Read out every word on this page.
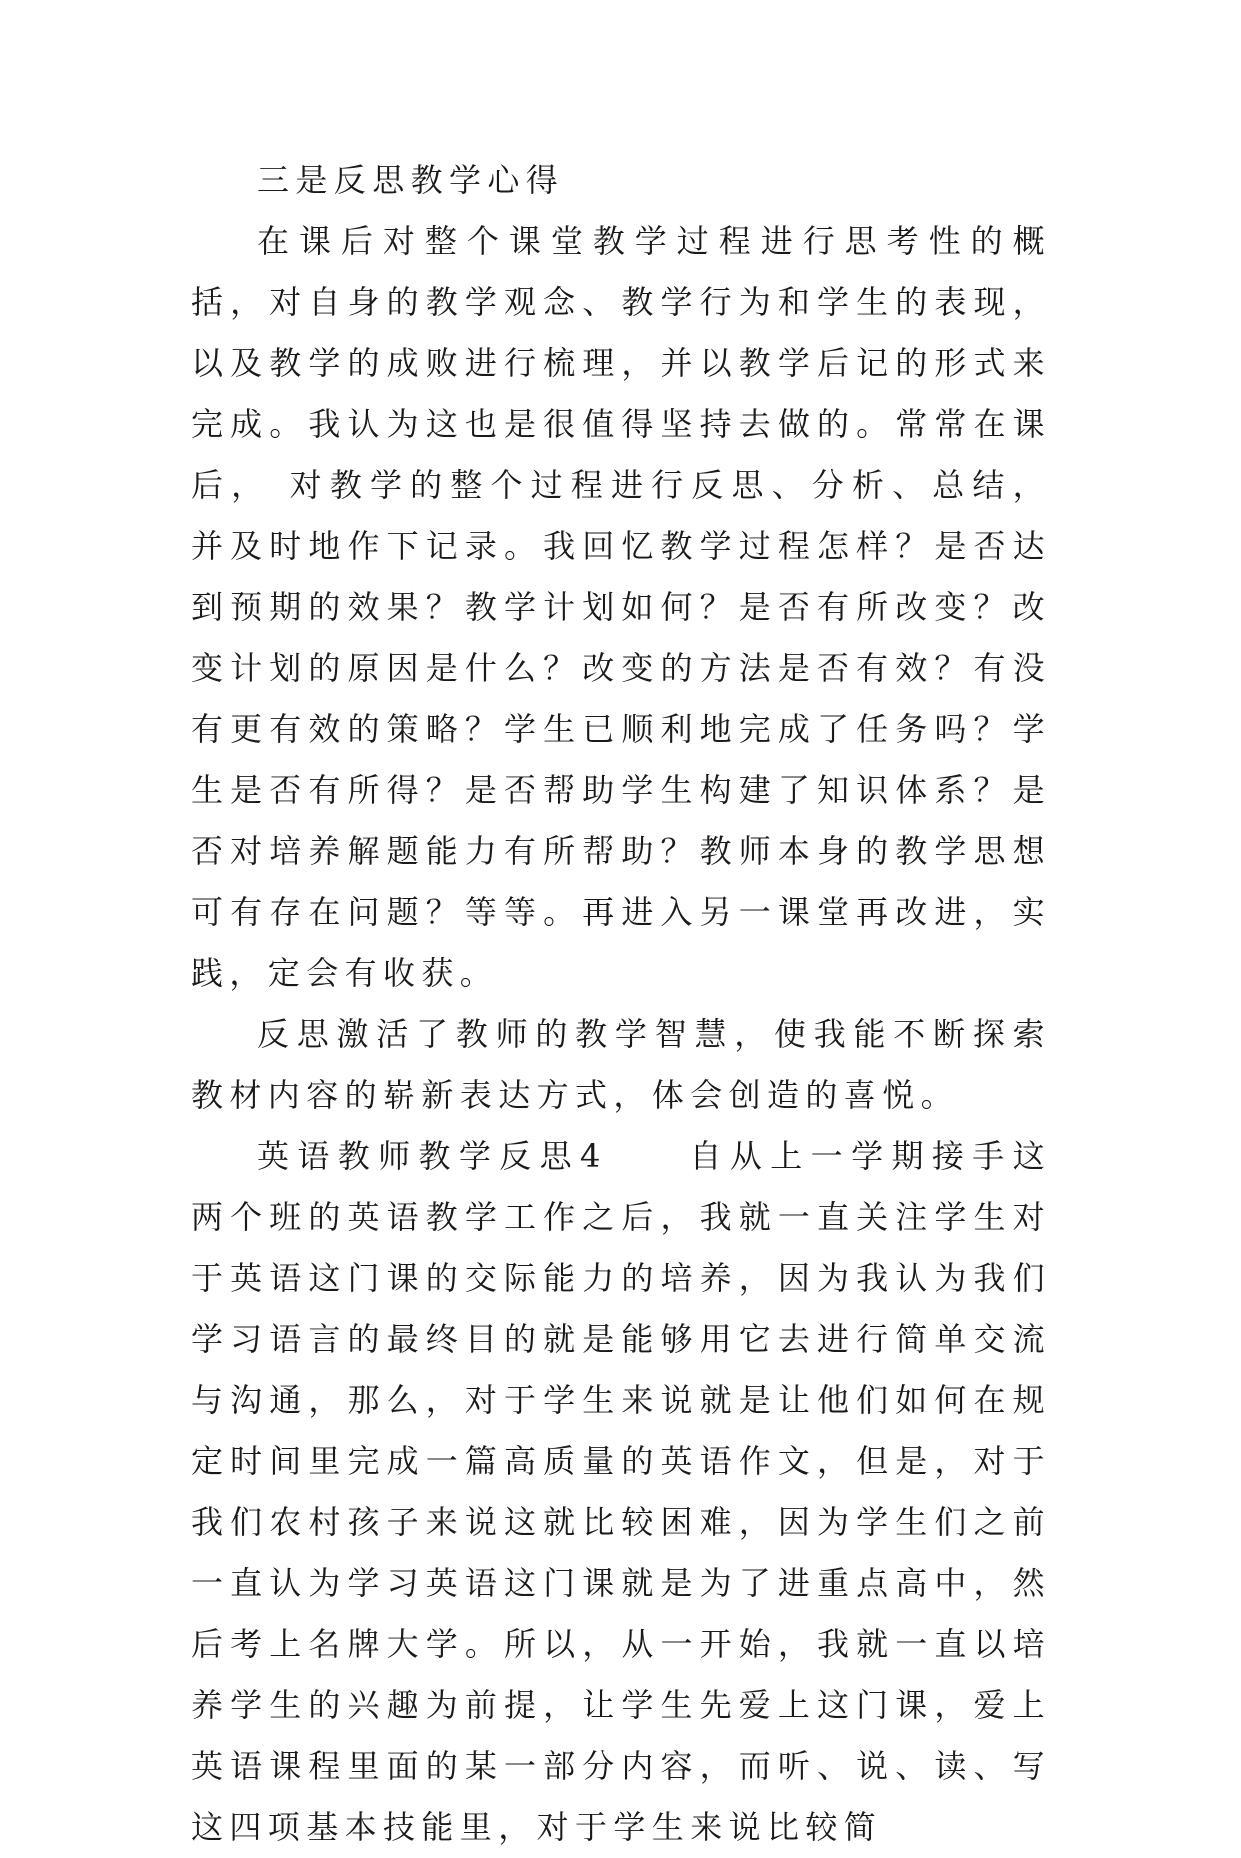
三是反思教学心得

在课后对整个课堂教学过程进行思考性的概括，对自身的教学观念、教学行为和学生的表现，以及教学的成败进行梳理，并以教学后记的形式来完成。我认为这也是很值得坚持去做的。常常在课后， 对教学的整个过程进行反思、分析、总结，并及时地作下记录。我回忆教学过程怎样？是否达到预期的效果？教学计划如何？是否有所改变？改变计划的原因是什么？改变的方法是否有效？有没有更有效的策略？学生已顺利地完成了任务吗？学生是否有所得？是否帮助学生构建了知识体系？是否对培养解题能力有所帮助？教师本身的教学思想可有存在问题？等等。再进入另一课堂再改进，实践，定会有收获。

反思激活了教师的教学智慧，使我能不断探索教材内容的崭新表达方式，体会创造的喜悦。

英语教师教学反思4　　自从上一学期接手这两个班的英语教学工作之后，我就一直关注学生对于英语这门课的交际能力的培养，因为我认为我们学习语言的最终目的就是能够用它去进行简单交流与沟通，那么，对于学生来说就是让他们如何在规定时间里完成一篇高质量的英语作文，但是，对于我们农村孩子来说这就比较困难，因为学生们之前一直认为学习英语这门课就是为了进重点高中，然后考上名牌大学。所以，从一开始，我就一直以培养学生的兴趣为前提，让学生先爱上这门课，爱上英语课程里面的某一部分内容，而听、说、读、写这四项基本技能里，对于学生来说比较简
